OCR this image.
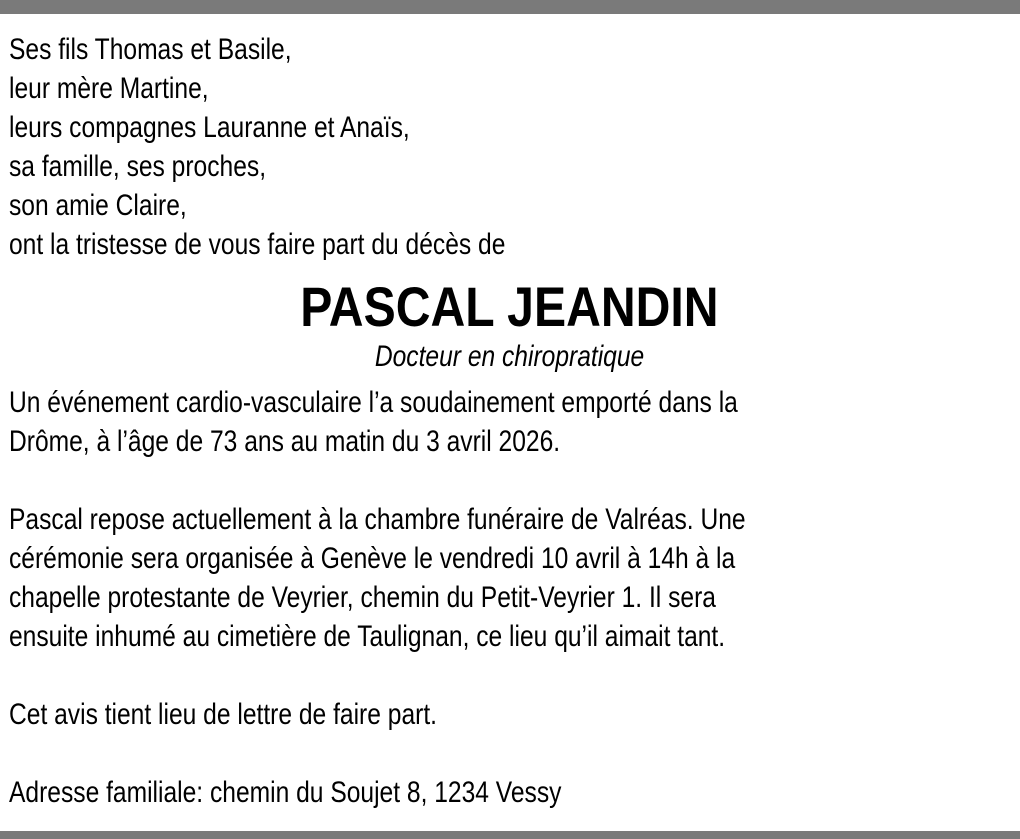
Ses fils Thomas et Basile,
leur mère Martine,
leurs compagnes Lauranne et Anaïs,
sa famille, ses proches,
son amie Claire,
ont la tristesse de vous faire part du décès de
PASCAL JEANDIN
Docteur en chiropratique
Un événement cardio-vasculaire l’a soudainement emporté dans la
Drôme, à l’âge de 73 ans au matin du 3 avril 2026.
Pascal repose actuellement à la chambre funéraire de Valréas. Une
cérémonie sera organisée à Genève le vendredi 10 avril à 14h à la
chapelle protestante de Veyrier, chemin du Petit-Veyrier 1. Il sera
ensuite inhumé au cimetière de Taulignan, ce lieu qu’il aimait tant.
Cet avis tient lieu de lettre de faire part.
Adresse familiale: chemin du Soujet 8, 1234 Vessy
